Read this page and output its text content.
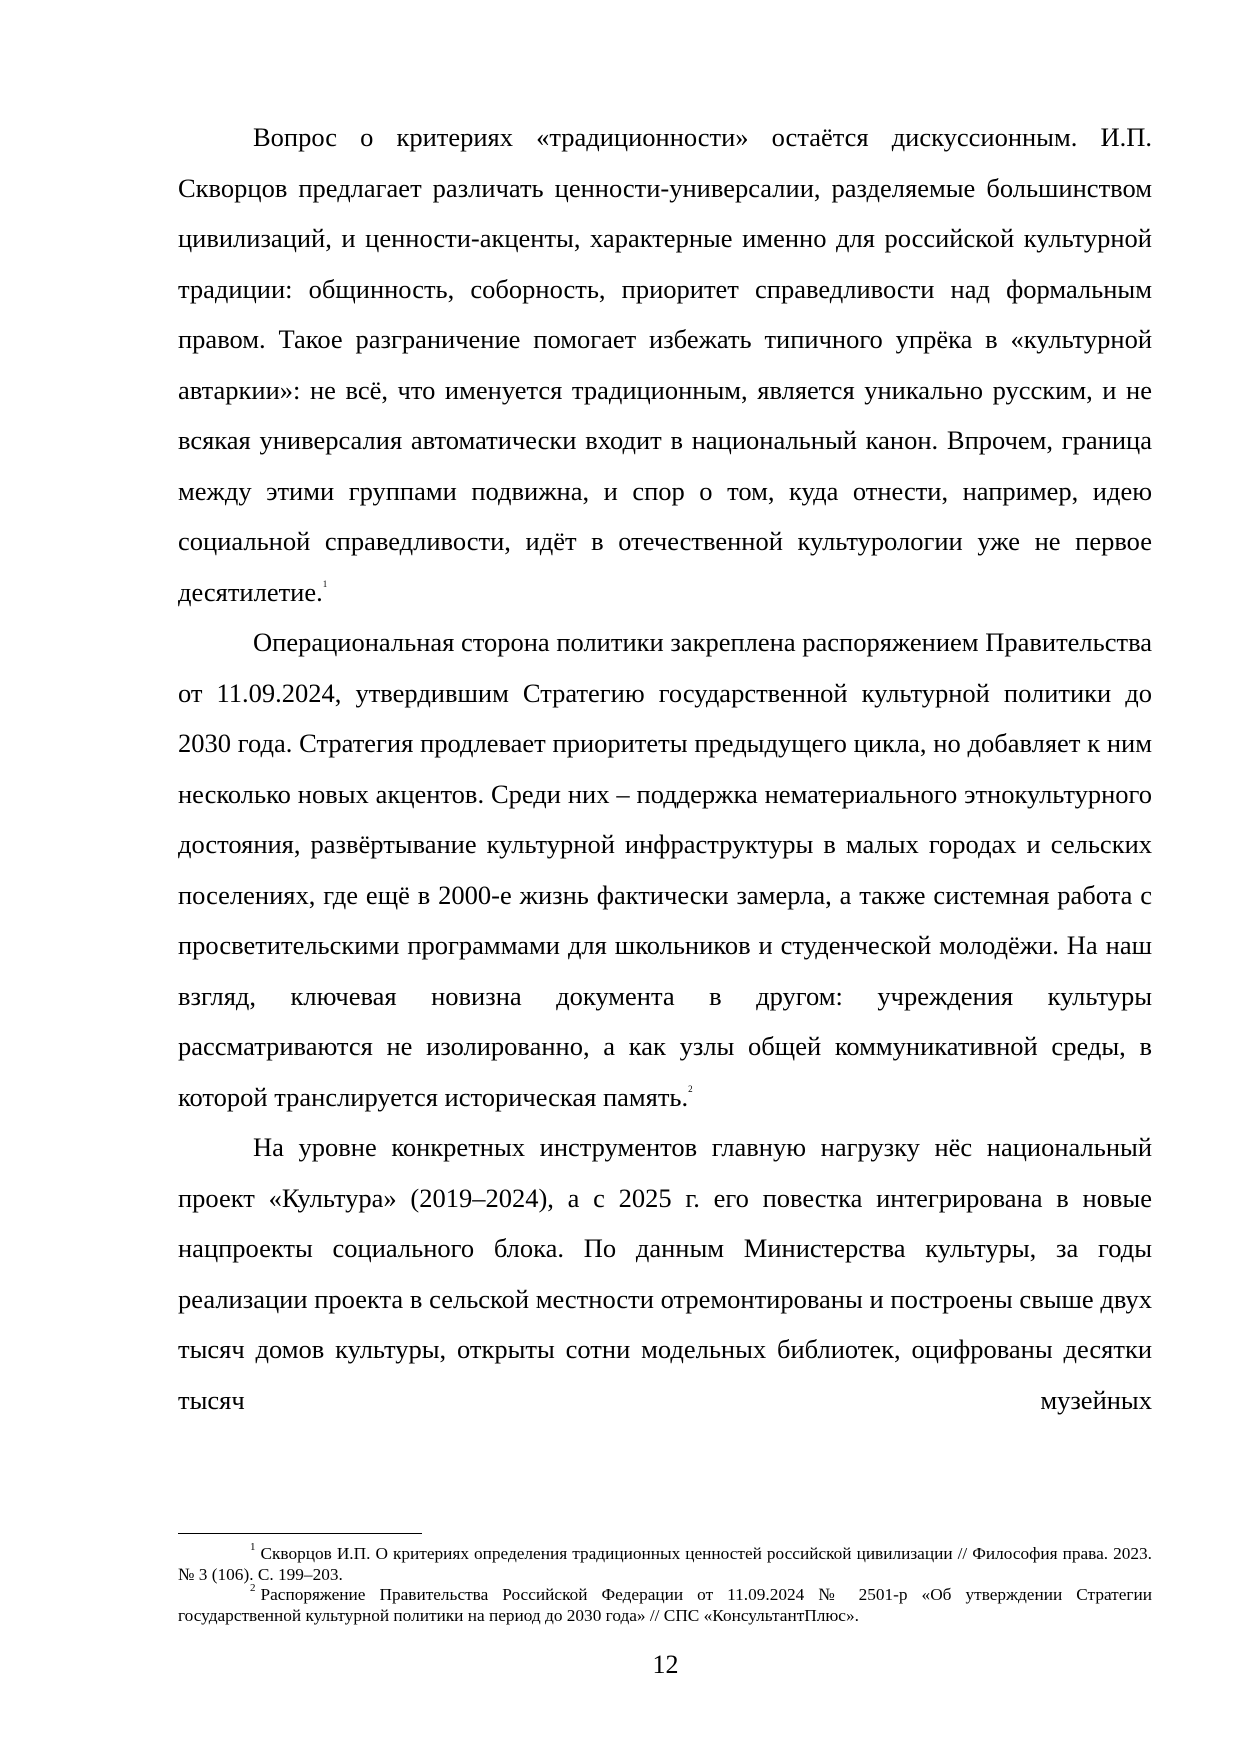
Вопрос о критериях «традиционности» остаётся дискуссионным. И.П. Скворцов предлагает различать ценности-универсалии, разделяемые большинством цивилизаций, и ценности-акценты, характерные именно для российской культурной традиции: общинность, соборность, приоритет справедливости над формальным правом. Такое разграничение помогает избежать типичного упрёка в «культурной автаркии»: не всё, что именуется традиционным, является уникально русским, и не всякая универсалия автоматически входит в национальный канон. Впрочем, граница между этими группами подвижна, и спор о том, куда отнести, например, идею социальной справедливости, идёт в отечественной культурологии уже не первое десятилетие.$^1$

Операциональная сторона политики закреплена распоряжением Правительства от 11.09.2024, утвердившим Стратегию государственной культурной политики до 2030 года. Стратегия продлевает приоритеты предыдущего цикла, но добавляет к ним несколько новых акцентов. Среди них – поддержка нематериального этнокультурного достояния, развёртывание культурной инфраструктуры в малых городах и сельских поселениях, где ещё в 2000-е жизнь фактически замерла, а также системная работа с просветительскими программами для школьников и студенческой молодёжи. На наш взгляд, ключевая новизна документа в другом: учреждения культуры рассматриваются не изолированно, а как узлы общей коммуникативной среды, в которой транслируется историческая память.$^2$

На уровне конкретных инструментов главную нагрузку нёс национальный проект «Культура» (2019–2024), а с 2025 г. его повестка интегрирована в новые нацпроекты социального блока. По данным Министерства культуры, за годы реализации проекта в сельской местности отремонтированы и построены свыше двух тысяч домов культуры, открыты сотни модельных библиотек, оцифрованы десятки тысяч музейных

$^1$ Скворцов И.П. О критериях определения традиционных ценностей российской цивилизации // Философия права. 2023. № 3 (106). С. 199–203.

$^2$ Распоряжение Правительства Российской Федерации от 11.09.2024 № 2501-р «Об утверждении Стратегии государственной культурной политики на период до 2030 года» // СПС «КонсультантПлюс».

12
